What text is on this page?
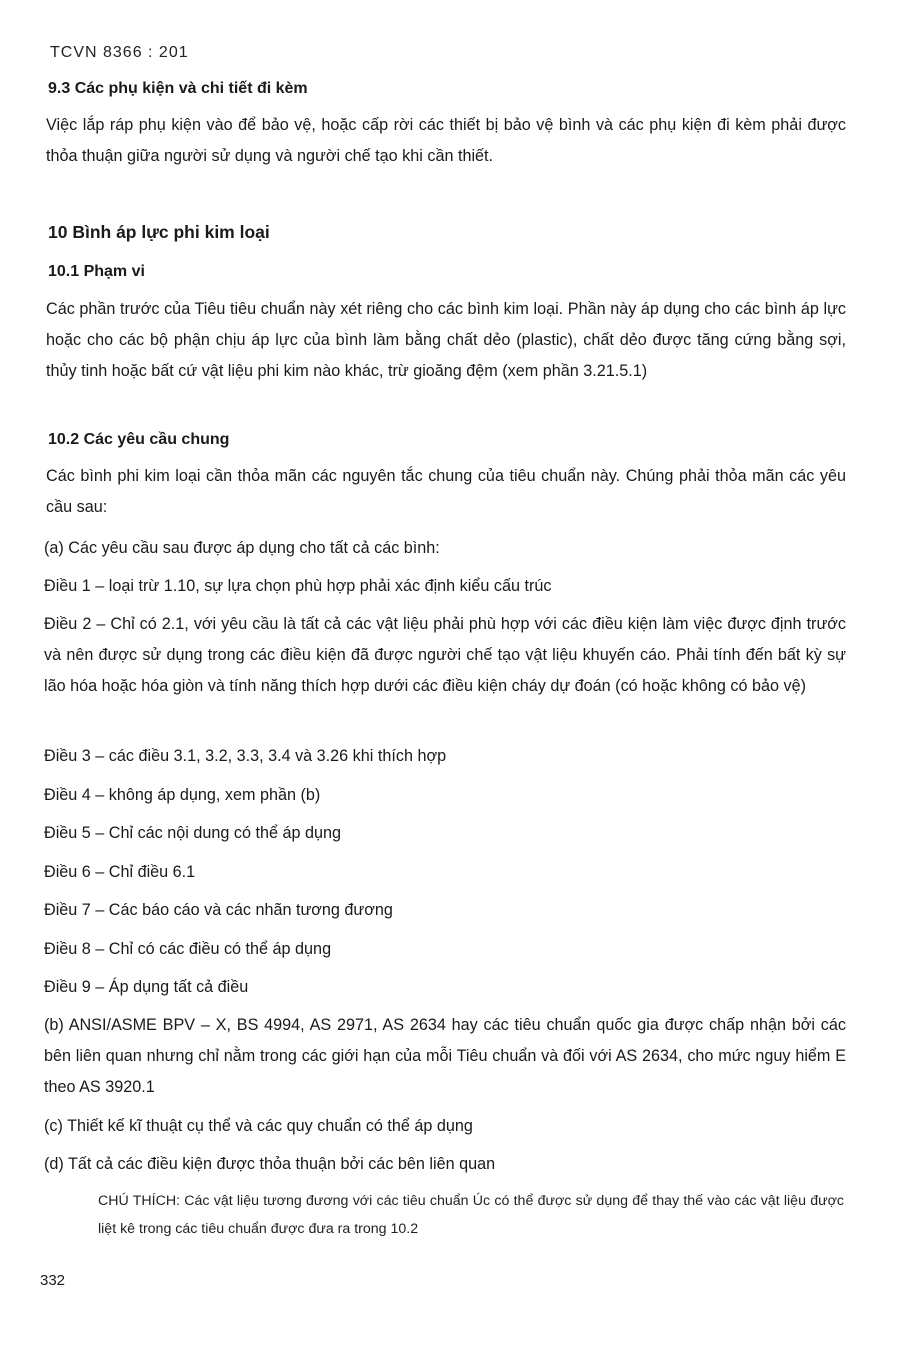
TCVN 8366 : 201
9.3 Các phụ kiện và chi tiết đi kèm

Việc lắp ráp phụ kiện vào để bảo vệ, hoặc cấp rời các thiết bị bảo vệ bình và các phụ kiện đi kèm phải được thỏa thuận giữa người sử dụng và người chế tạo khi cần thiết.

10 Bình áp lực phi kim loại
10.1 Phạm vi

Các phần trước của Tiêu tiêu chuẩn này xét riêng cho các bình kim loại. Phần này áp dụng cho các bình áp lực hoặc cho các bộ phận chịu áp lực của bình làm bằng chất dẻo (plastic), chất dẻo được tăng cứng bằng sợi, thủy tinh hoặc bất cứ vật liệu phi kim nào khác, trừ gioăng đệm (xem phần 3.21.5.1)

10.2 Các yêu cầu chung

Các bình phi kim loại cần thỏa mãn các nguyên tắc chung của tiêu chuẩn này. Chúng phải thỏa mãn các yêu cầu sau:

(a) Các yêu cầu sau được áp dụng cho tất cả các bình:
Điều 1 – loại trừ 1.10, sự lựa chọn phù hợp phải xác định kiểu cấu trúc

Điều 2 – Chỉ có 2.1, với yêu cầu là tất cả các vật liệu phải phù hợp với các điều kiện làm việc được định trước và nên được sử dụng trong các điều kiện đã được người chế tạo vật liệu khuyến cáo. Phải tính đến bất kỳ sự lão hóa hoặc hóa giòn và tính năng thích hợp dưới các điều kiện cháy dự đoán (có hoặc không có bảo vệ)

Điều 3 – các điều 3.1, 3.2, 3.3, 3.4 và 3.26 khi thích hợp
Điều 4 – không áp dụng, xem phần (b)
Điều 5 – Chỉ các nội dung có thể áp dụng
Điều 6 – Chỉ điều 6.1
Điều 7 – Các báo cáo và các nhãn tương đương
Điều 8 – Chỉ có các điều có thể áp dụng
Điều 9 – Áp dụng tất cả điều

(b) ANSI/ASME BPV – X, BS 4994, AS 2971, AS 2634 hay các tiêu chuẩn quốc gia được chấp nhận bởi các bên liên quan nhưng chỉ nằm trong các giới hạn của mỗi Tiêu chuẩn và đối với AS 2634, cho mức nguy hiểm E theo AS 3920.1

(c) Thiết kế kĩ thuật cụ thể và các quy chuẩn có thể áp dụng
(d) Tất cả các điều kiện được thỏa thuận bởi các bên liên quan

CHÚ THÍCH: Các vật liệu tương đương với các tiêu chuẩn Úc có thể được sử dụng để thay thế vào các vật liệu được liệt kê trong các tiêu chuẩn được đưa ra trong 10.2

332
